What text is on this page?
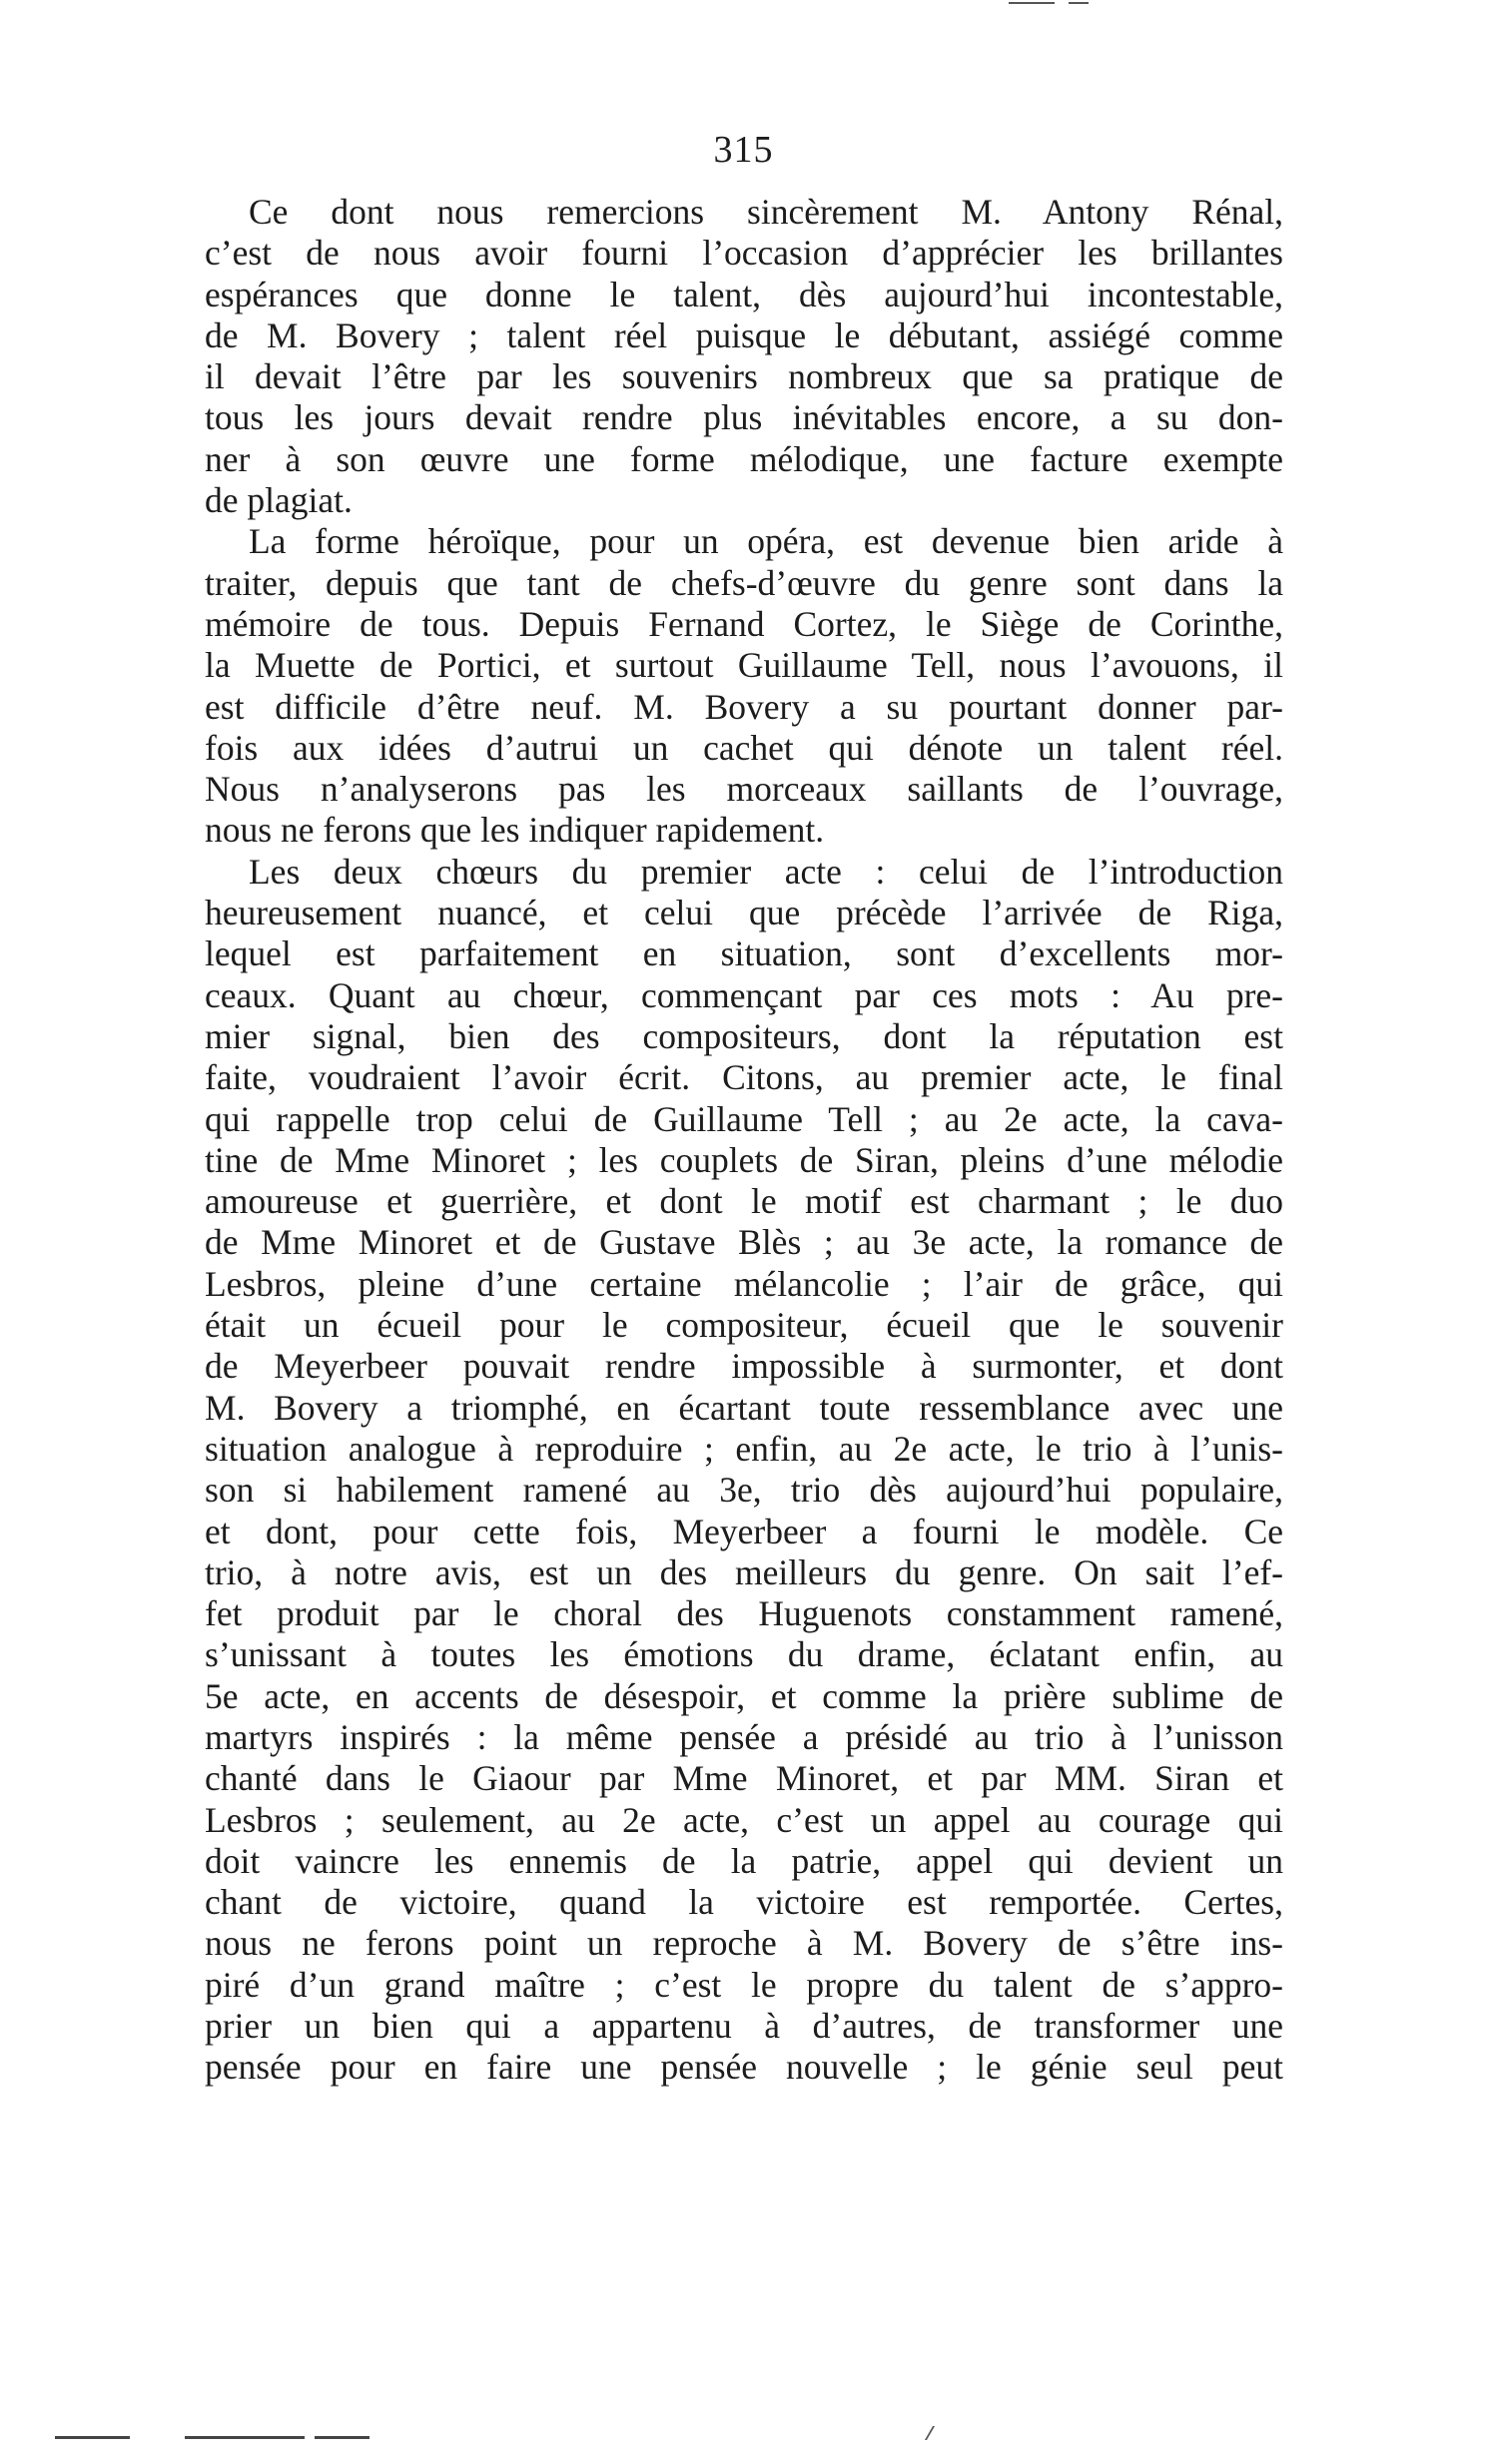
315
Ce dont nous remercions sincèrement M. Antony Rénal,
c’est de nous avoir fourni l’occasion d’apprécier les brillantes
espérances que donne le talent, dès aujourd’hui incontestable,
de M. Bovery ; talent réel puisque le débutant, assiégé comme
il devait l’être par les souvenirs nombreux que sa pratique de
tous les jours devait rendre plus inévitables encore, a su don-
ner à son œuvre une forme mélodique, une facture exempte
de plagiat.
La forme héroïque, pour un opéra, est devenue bien aride à
traiter, depuis que tant de chefs-d’œuvre du genre sont dans la
mémoire de tous. Depuis Fernand Cortez, le Siège de Corinthe,
la Muette de Portici, et surtout Guillaume Tell, nous l’avouons, il
est difficile d’être neuf. M. Bovery a su pourtant donner par-
fois aux idées d’autrui un cachet qui dénote un talent réel.
Nous n’analyserons pas les morceaux saillants de l’ouvrage,
nous ne ferons que les indiquer rapidement.
Les deux chœurs du premier acte : celui de l’introduction
heureusement nuancé, et celui que précède l’arrivée de Riga,
lequel est parfaitement en situation, sont d’excellents mor-
ceaux. Quant au chœur, commençant par ces mots : Au pre-
mier signal, bien des compositeurs, dont la réputation est
faite, voudraient l’avoir écrit. Citons, au premier acte, le final
qui rappelle trop celui de Guillaume Tell ; au 2e acte, la cava-
tine de Mme Minoret ; les couplets de Siran, pleins d’une mélodie
amoureuse et guerrière, et dont le motif est charmant ; le duo
de Mme Minoret et de Gustave Blès ; au 3e acte, la romance de
Lesbros, pleine d’une certaine mélancolie ; l’air de grâce, qui
était un écueil pour le compositeur, écueil que le souvenir
de Meyerbeer pouvait rendre impossible à surmonter, et dont
M. Bovery a triomphé, en écartant toute ressemblance avec une
situation analogue à reproduire ; enfin, au 2e acte, le trio à l’unis-
son si habilement ramené au 3e, trio dès aujourd’hui populaire,
et dont, pour cette fois, Meyerbeer a fourni le modèle. Ce
trio, à notre avis, est un des meilleurs du genre. On sait l’ef-
fet produit par le choral des Huguenots constamment ramené,
s’unissant à toutes les émotions du drame, éclatant enfin, au
5e acte, en accents de désespoir, et comme la prière sublime de
martyrs inspirés : la même pensée a présidé au trio à l’unisson
chanté dans le Giaour par Mme Minoret, et par MM. Siran et
Lesbros ; seulement, au 2e acte, c’est un appel au courage qui
doit vaincre les ennemis de la patrie, appel qui devient un
chant de victoire, quand la victoire est remportée. Certes,
nous ne ferons point un reproche à M. Bovery de s’être ins-
piré d’un grand maître ; c’est le propre du talent de s’appro-
prier un bien qui a appartenu à d’autres, de transformer une
pensée pour en faire une pensée nouvelle ; le génie seul peut
